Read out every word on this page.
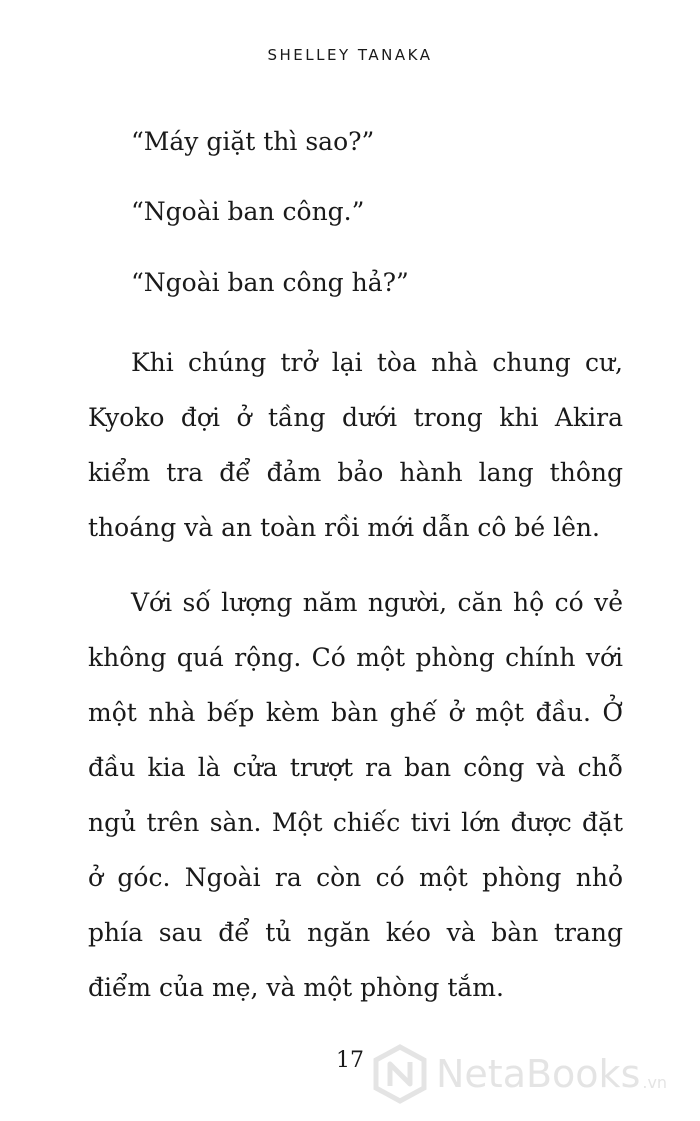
SHELLEY TANAKA
“Máy giặt thì sao?”
“Ngoài ban công.”
“Ngoài ban công hả?”

Khi chúng trở lại tòa nhà chung cư, Kyoko đợi ở tầng dưới trong khi Akira kiểm tra để đảm bảo hành lang thông thoáng và an toàn rồi mới dẫn cô bé lên.

Với số lượng năm người, căn hộ có vẻ không quá rộng. Có một phòng chính với một nhà bếp kèm bàn ghế ở một đầu. Ở đầu kia là cửa trượt ra ban công và chỗ ngủ trên sàn. Một chiếc tivi lớn được đặt ở góc. Ngoài ra còn có một phòng nhỏ phía sau để tủ ngăn kéo và bàn trang điểm của mẹ, và một phòng tắm.

17	NetaBooks .vn
